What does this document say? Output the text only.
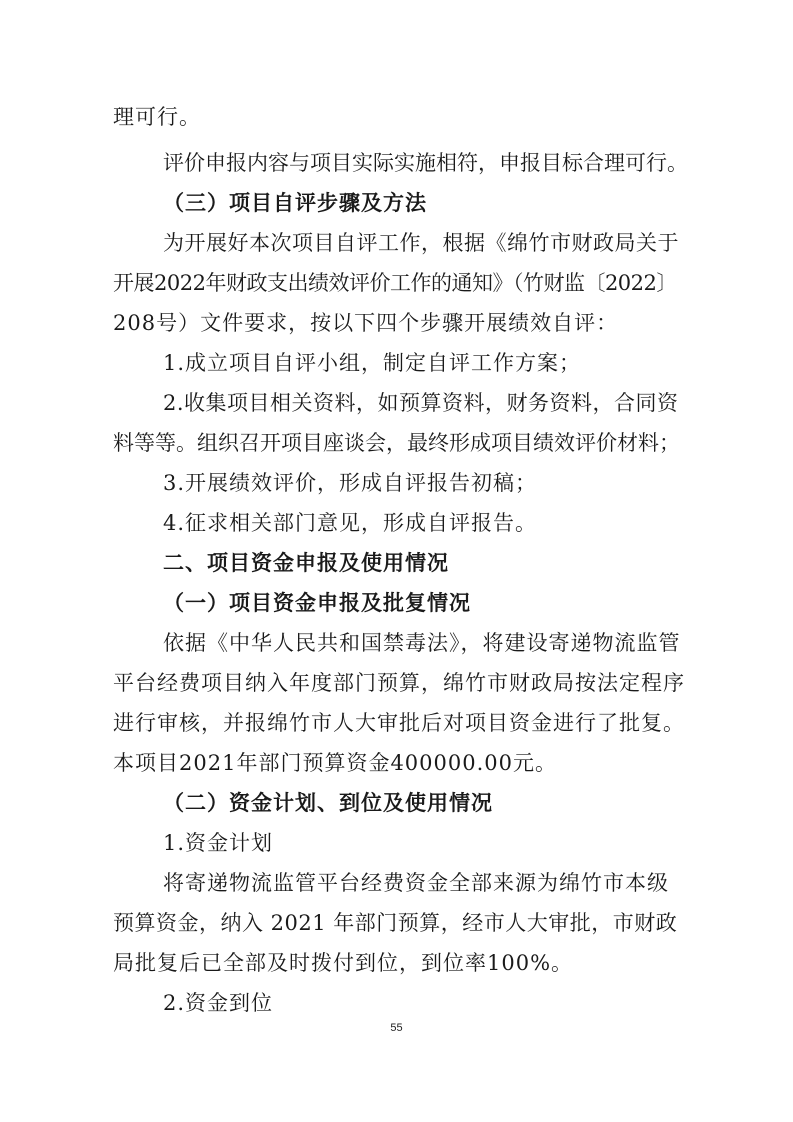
理可行。
评价申报内容与项目实际实施相符，申报目标合理可行。
（三）项目自评步骤及方法
为开展好本次项目自评工作，根据《绵竹市财政局关于
开展2022年财政支出绩效评价工作的通知》（竹财监〔2022〕
208号）文件要求，按以下四个步骤开展绩效自评：
1.成立项目自评小组，制定自评工作方案；
2.收集项目相关资料，如预算资料，财务资料，合同资
料等等。组织召开项目座谈会，最终形成项目绩效评价材料；
3.开展绩效评价，形成自评报告初稿；
4.征求相关部门意见，形成自评报告。
二、项目资金申报及使用情况
（一）项目资金申报及批复情况
依据《中华人民共和国禁毒法》，将建设寄递物流监管
平台经费项目纳入年度部门预算，绵竹市财政局按法定程序
进行审核，并报绵竹市人大审批后对项目资金进行了批复。
本项目2021年部门预算资金400000.00元。
（二）资金计划、到位及使用情况
1.资金计划
将寄递物流监管平台经费资金全部来源为绵竹市本级
预算资金，纳入 2021 年部门预算，经市人大审批，市财政
局批复后已全部及时拨付到位，到位率100%。
2.资金到位
55
